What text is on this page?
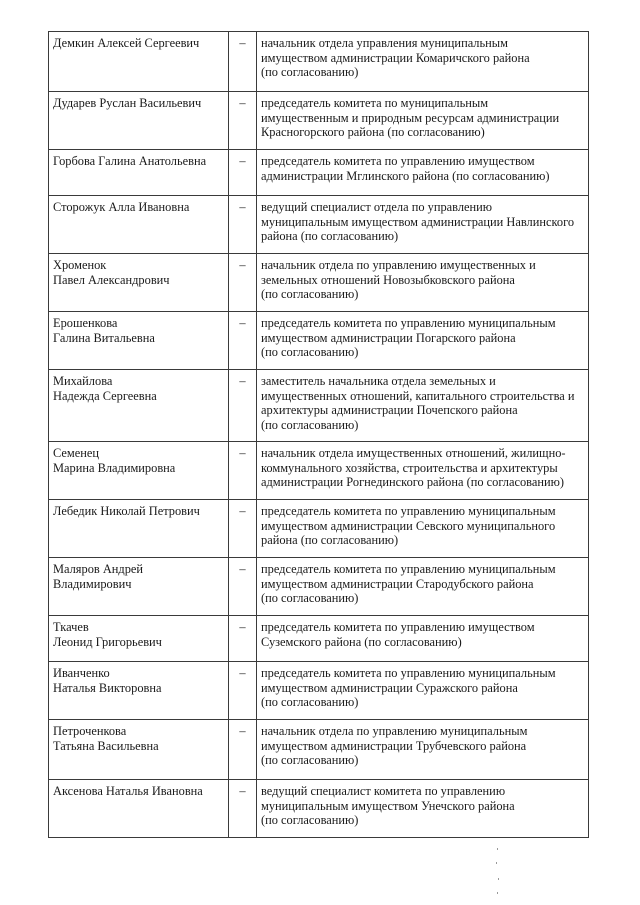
Демкин Алексей Сергеевич	–	начальник отдела управления муниципальным
имуществом администрации Комаричского района
(по согласованию)

Дударев Руслан Васильевич	–	председатель комитета по муниципальным
имущественным и природным ресурсам администрации
Красногорского района (по согласованию)

Горбова Галина Анатольевна	–	председатель комитета по управлению имуществом
администрации Мглинского района (по согласованию)

Сторожук Алла Ивановна	–	ведущий специалист отдела по управлению
муниципальным имуществом администрации Навлинского
района (по согласованию)

Хроменок
Павел Александрович	–	начальник отдела по управлению имущественных и
земельных отношений Новозыбковского района
(по согласованию)

Ерошенкова
Галина Витальевна	–	председатель комитета по управлению муниципальным
имуществом администрации Погарского района
(по согласованию)

Михайлова
Надежда Сергеевна	–	заместитель начальника отдела земельных и
имущественных отношений, капитального строительства и
архитектуры администрации Почепского района
(по согласованию)

Семенец
Марина Владимировна	–	начальник отдела имущественных отношений, жилищно-
коммунального хозяйства, строительства и архитектуры
администрации Рогнединского района (по согласованию)

Лебедик Николай Петрович	–	председатель комитета по управлению муниципальным
имуществом администрации Севского муниципального
района (по согласованию)

Маляров Андрей
Владимирович	–	председатель комитета по управлению муниципальным
имуществом администрации Стародубского района
(по согласованию)

Ткачев
Леонид Григорьевич	–	председатель комитета по управлению имуществом
Суземского района (по согласованию)

Иванченко
Наталья Викторовна	–	председатель комитета по управлению муниципальным
имуществом администрации Суражского района
(по согласованию)

Петроченкова
Татьяна Васильевна	–	начальник отдела по управлению муниципальным
имуществом администрации Трубчевского района
(по согласованию)

Аксенова Наталья Ивановна	–	ведущий специалист комитета по управлению
муниципальным имуществом Унечского района
(по согласованию)
